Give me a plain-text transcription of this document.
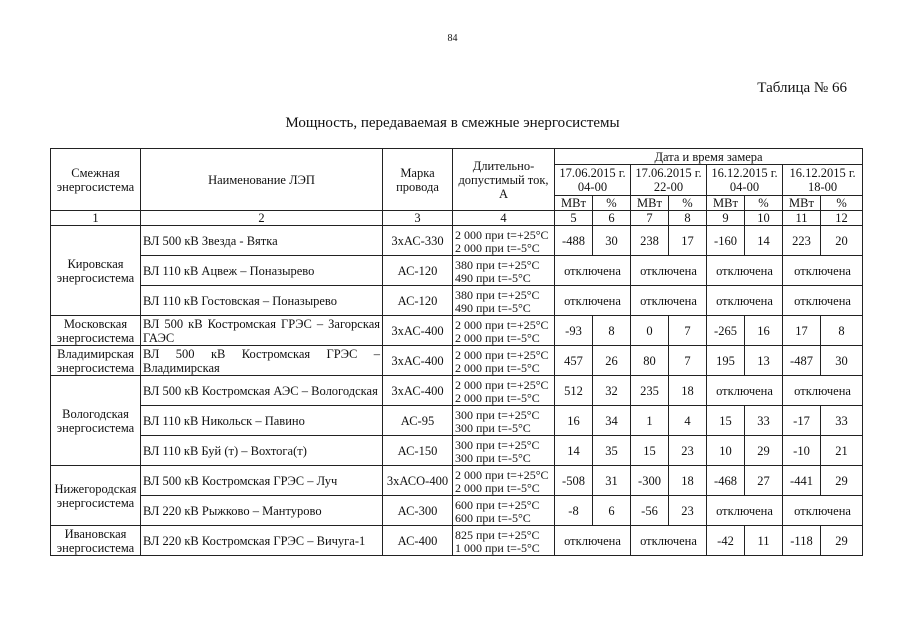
84
Таблица № 66
Мощность, передаваемая в смежные энергосистемы
Смежная энергосистема	Наименование ЛЭП	Марка провода	Длительно-допустимый ток, А	Дата и время замера							
				17.06.2015 г. 04-00		17.06.2015 г. 22-00		16.12.2015 г. 04-00		16.12.2015 г. 18-00	
				МВт	%	МВт	%	МВт	%	МВт	%
1	2	3	4	5	6	7	8	9	10	11	12
Кировская энергосистема	ВЛ 500 кВ Звезда - Вятка	3хАС-330	2 000 при t=+25°C
2 000 при t=-5°C	-488	30	238	17	-160	14	223	20
	ВЛ 110 кВ Ацвеж – Поназырево	АС-120	380 при t=+25°C
490 при t=-5°C	отключена		отключена		отключена		отключена	
	ВЛ 110 кВ Гостовская – Поназырево	АС-120	380 при t=+25°C
490 при t=-5°C	отключена		отключена		отключена		отключена	
Московская энергосистема	ВЛ 500 кВ Костромская ГРЭС – Загорская ГАЭС	3хАС-400	2 000 при t=+25°C
2 000 при t=-5°C	-93	8	0	7	-265	16	17	8
Владимирская энергосистема	ВЛ 500 кВ Костромская ГРЭС – Владимирская	3хАС-400	2 000 при t=+25°C
2 000 при t=-5°C	457	26	80	7	195	13	-487	30
Вологодская энергосистема	ВЛ 500 кВ Костромская АЭС – Вологодская	3хАС-400	2 000 при t=+25°C
2 000 при t=-5°C	512	32	235	18	отключена		отключена	
	ВЛ 110 кВ Никольск – Павино	АС-95	300 при t=+25°C
300 при t=-5°C	16	34	1	4	15	33	-17	33
	ВЛ 110 кВ Буй (т) – Вохтога(т)	АС-150	300 при t=+25°C
300 при t=-5°C	14	35	15	23	10	29	-10	21
Нижегородская энергосистема	ВЛ 500 кВ Костромская ГРЭС – Луч	3хАСО-400	2 000 при t=+25°C
2 000 при t=-5°C	-508	31	-300	18	-468	27	-441	29
	ВЛ 220 кВ Рыжково – Мантурово	АС-300	600 при t=+25°C
600 при t=-5°C	-8	6	-56	23	отключена		отключена	
Ивановская энергосистема	ВЛ 220 кВ Костромская ГРЭС – Вичуга-1	АС-400	825 при t=+25°C
1 000 при t=-5°C	отключена		отключена		-42	11	-118	29
